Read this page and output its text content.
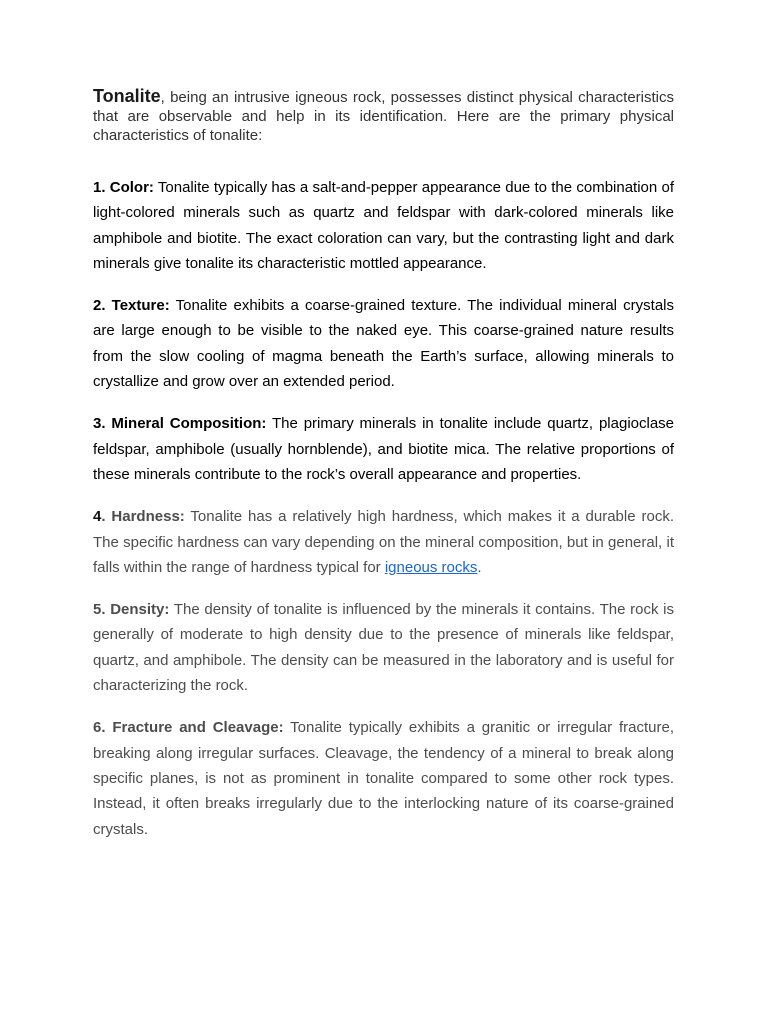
Tonalite, being an intrusive igneous rock, possesses distinct physical characteristics that are observable and help in its identification. Here are the primary physical characteristics of tonalite:

1. Color: Tonalite typically has a salt-and-pepper appearance due to the combination of light-colored minerals such as quartz and feldspar with dark-colored minerals like amphibole and biotite. The exact coloration can vary, but the contrasting light and dark minerals give tonalite its characteristic mottled appearance.

2. Texture: Tonalite exhibits a coarse-grained texture. The individual mineral crystals are large enough to be visible to the naked eye. This coarse-grained nature results from the slow cooling of magma beneath the Earth’s surface, allowing minerals to crystallize and grow over an extended period.

3. Mineral Composition: The primary minerals in tonalite include quartz, plagioclase feldspar, amphibole (usually hornblende), and biotite mica. The relative proportions of these minerals contribute to the rock’s overall appearance and properties.

4. Hardness: Tonalite has a relatively high hardness, which makes it a durable rock. The specific hardness can vary depending on the mineral composition, but in general, it falls within the range of hardness typical for igneous rocks.

5. Density: The density of tonalite is influenced by the minerals it contains. The rock is generally of moderate to high density due to the presence of minerals like feldspar, quartz, and amphibole. The density can be measured in the laboratory and is useful for characterizing the rock.

6. Fracture and Cleavage: Tonalite typically exhibits a granitic or irregular fracture, breaking along irregular surfaces. Cleavage, the tendency of a mineral to break along specific planes, is not as prominent in tonalite compared to some other rock types. Instead, it often breaks irregularly due to the interlocking nature of its coarse-grained crystals.
